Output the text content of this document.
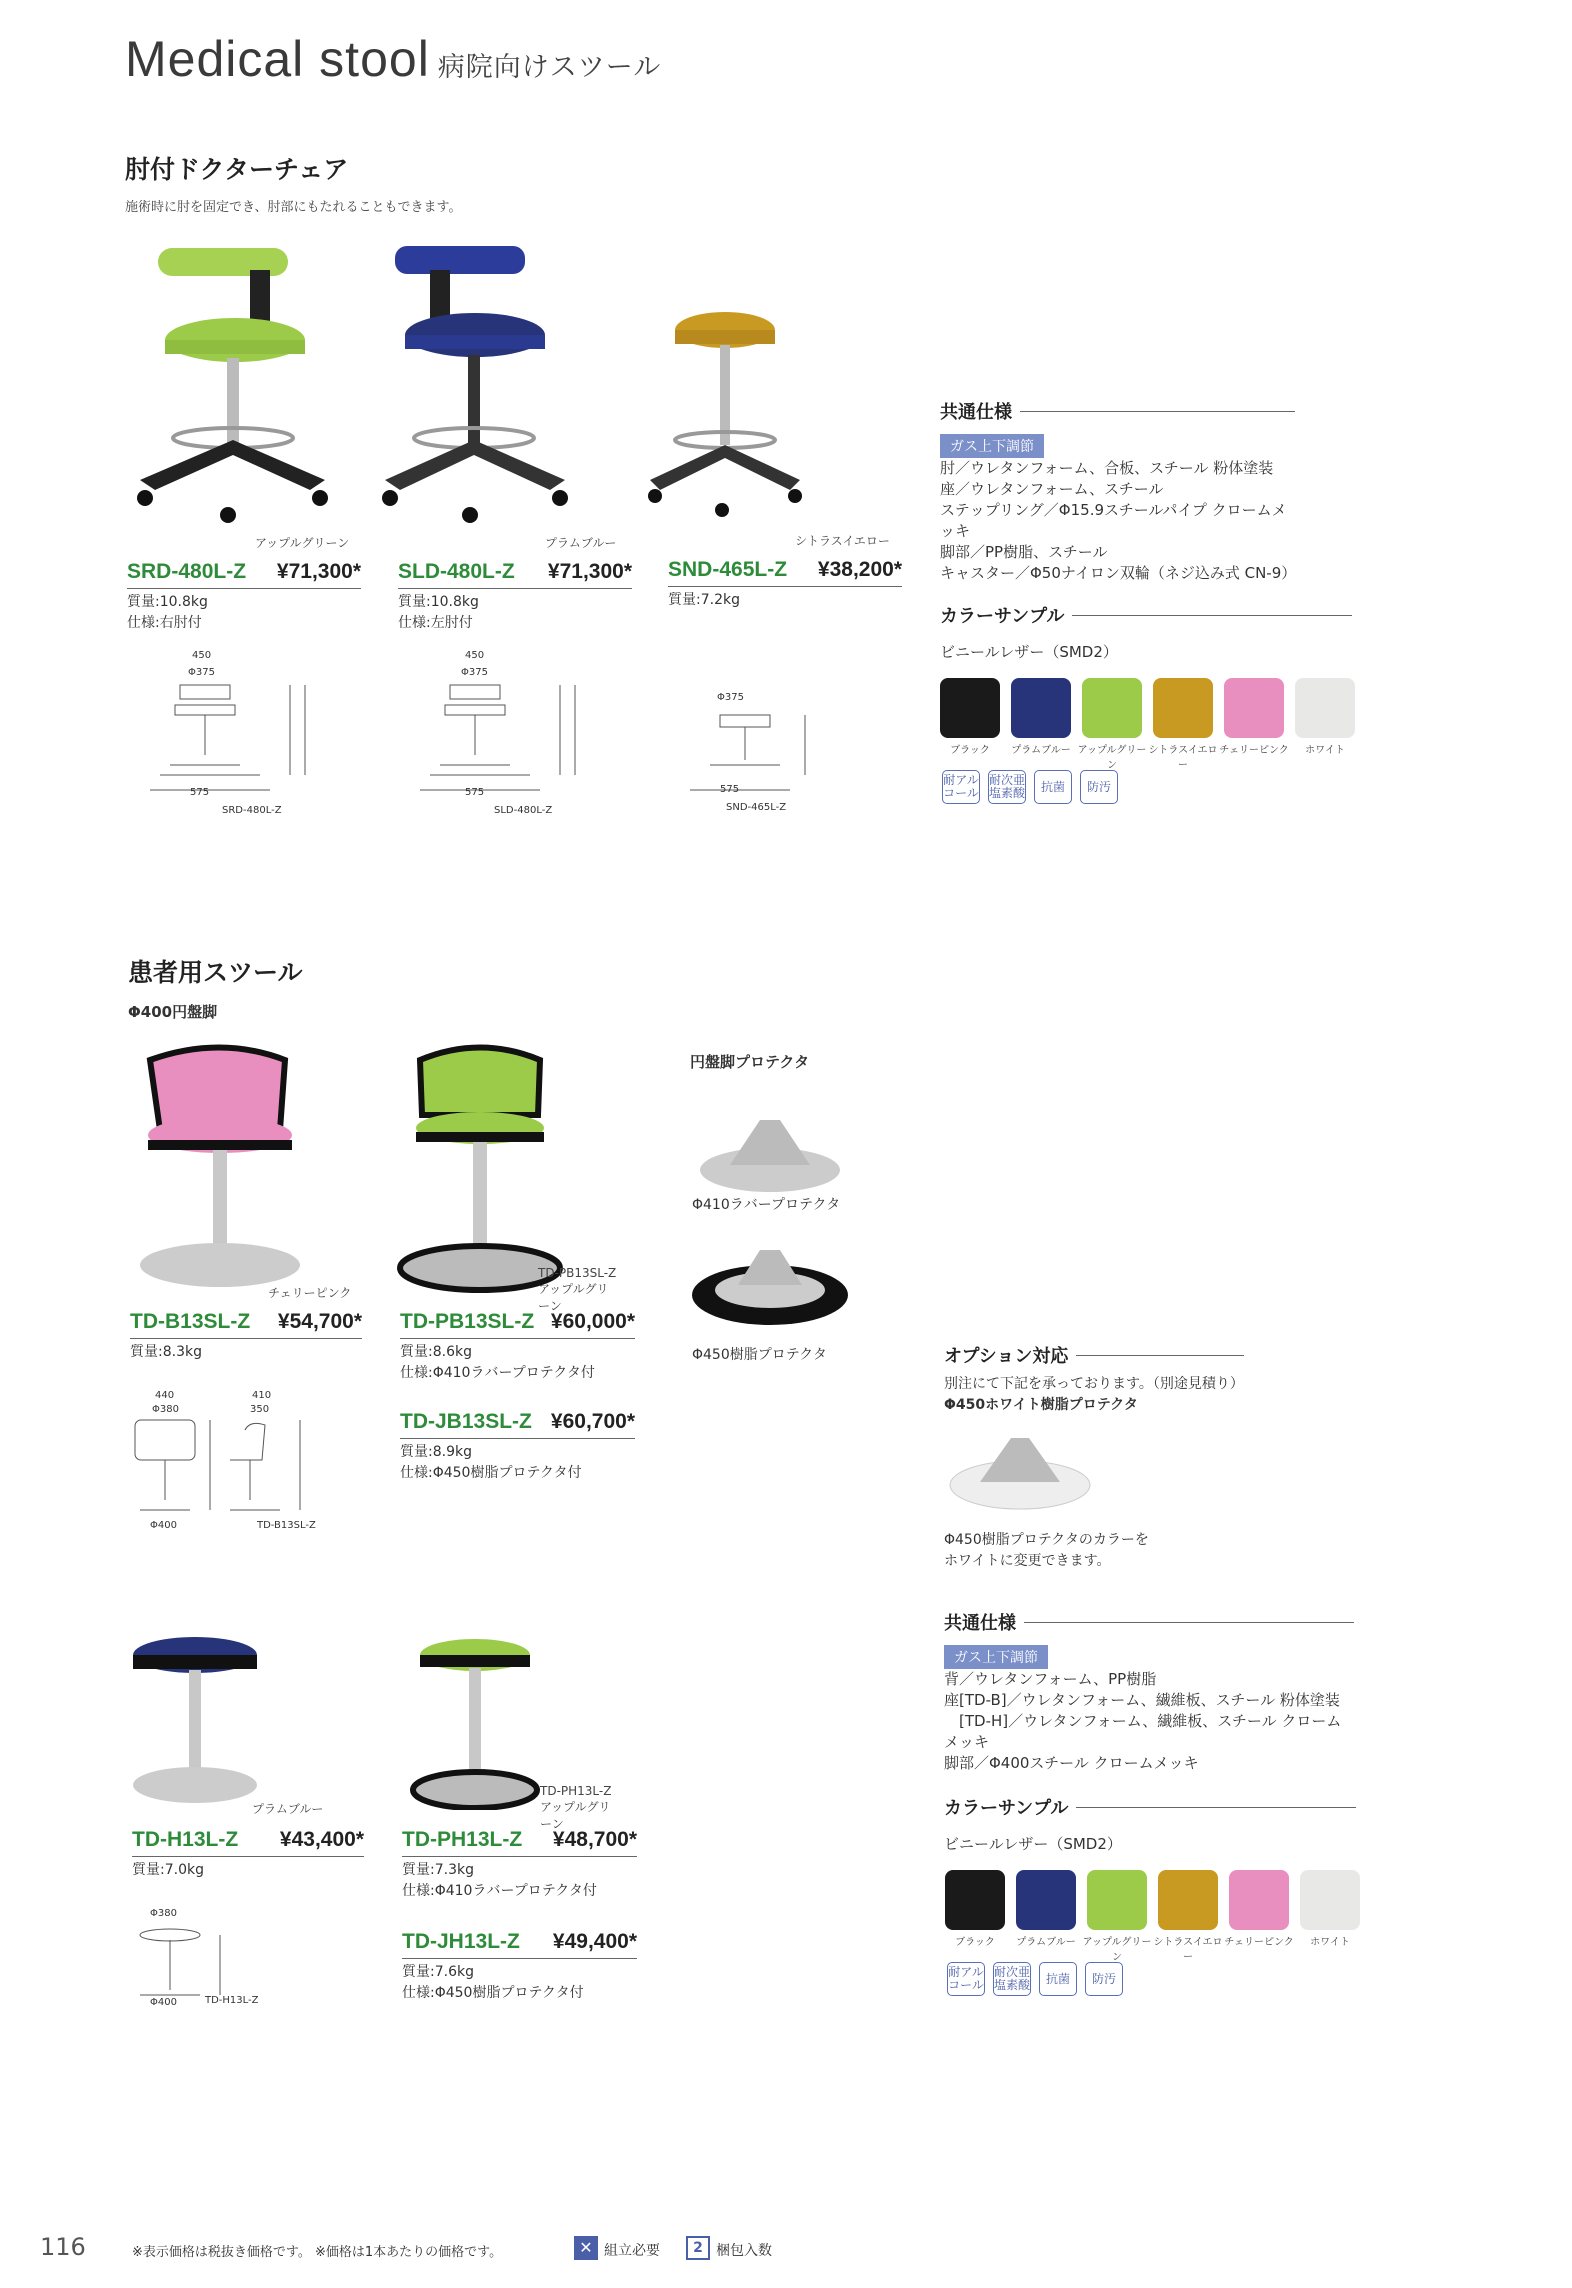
Medical stool 病院向けスツール
肘付ドクターチェア
施術時に肘を固定でき、肘部にもたれることもできます。
アップルグリーン	プラムブルー	シトラスイエロー
SRD-480L-Z ¥71,300*
質量:10.8kg
仕様:右肘付
SLD-480L-Z ¥71,300*
質量:10.8kg
仕様:左肘付
SND-465L-Z ¥38,200*
質量:7.2kg
450
Φ375
575
SRD-480L-Z
450
Φ375
575
SLD-480L-Z
Φ375
575
SND-465L-Z
共通仕様
ガス上下調節
肘／ウレタンフォーム、合板、スチール 粉体塗装
座／ウレタンフォーム、スチール
ステップリング／Φ15.9スチールパイプ クロームメッキ
脚部／PP樹脂、スチール
キャスター／Φ50ナイロン双輪（ネジ込み式 CN-9）
カラーサンプル
ビニールレザー（SMD2）
ブラック	プラムブルー アップルグリーン
シトラスイエロー
チェリーピンク	ホワイト
耐アル
コール
耐次亜
塩素酸	抗菌	防汚
患者用スツール
Φ400円盤脚
円盤脚プロテクタ
Φ410ラバープロテクタ
Φ450樹脂プロテクタ
チェリーピンク
TD-PB13SL-Z アップルグリーン
TD-B13SL-Z ¥54,700*
質量:8.3kg
TD-PB13SL-Z ¥60,000*
質量:8.6kg
仕様:Φ410ラバープロテクタ付
TD-JB13SL-Z ¥60,700*
質量:8.9kg
仕様:Φ450樹脂プロテクタ付
440
Φ380
410
350
Φ400	TD-B13SL-Z
プラムブルー
TD-PH13L-Z アップルグリーン
TD-H13L-Z ¥43,400*
質量:7.0kg
TD-PH13L-Z ¥48,700*
質量:7.3kg
仕様:Φ410ラバープロテクタ付
TD-JH13L-Z ¥49,400*
質量:7.6kg
仕様:Φ450樹脂プロテクタ付
Φ380
Φ400	TD-H13L-Z
オプション対応
別注にて下記を承っております。（別途見積り）
Φ450ホワイト樹脂プロテクタ
Φ450樹脂プロテクタのカラーを
ホワイトに変更できます。
共通仕様
ガス上下調節
背／ウレタンフォーム、PP樹脂
座[TD-B]／ウレタンフォーム、繊維板、スチール 粉体塗装
　[TD-H]／ウレタンフォーム、繊維板、スチール クロームメッキ
脚部／Φ400スチール クロームメッキ
カラーサンプル
ビニールレザー（SMD2）
ブラック	プラムブルー アップルグリーン
シトラスイエロー
チェリーピンク	ホワイト
耐アル
コール
耐次亜
塩素酸	抗菌	防汚
116	※表示価格は税抜き価格です。 ※価格は1本あたりの価格です。	✕ 組立必要	2 梱包入数
